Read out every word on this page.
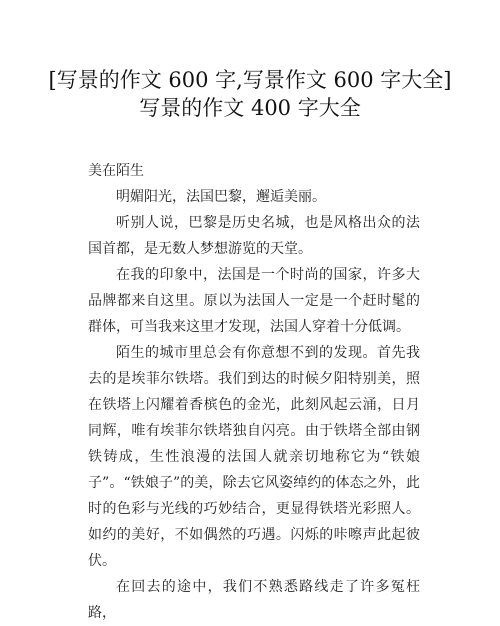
[写景的作文 600 字,写景作文 600 字大全]写景的作文 400 字大全

美在陌生

明媚阳光，法国巴黎，邂逅美丽。

听别人说，巴黎是历史名城，也是风格出众的法国首都，是无数人梦想游览的天堂。

在我的印象中，法国是一个时尚的国家，许多大品牌都来自这里。原以为法国人一定是一个赶时髦的群体，可当我来这里才发现，法国人穿着十分低调。

陌生的城市里总会有你意想不到的发现。首先我去的是埃菲尔铁塔。我们到达的时候夕阳特别美，照在铁塔上闪耀着香槟色的金光，此刻风起云涌，日月同辉，唯有埃菲尔铁塔独自闪亮。由于铁塔全部由钢铁铸成，生性浪漫的法国人就亲切地称它为“铁娘子”。“铁娘子”的美，除去它风姿绰约的体态之外，此时的色彩与光线的巧妙结合，更显得铁塔光彩照人。如约的美好，不如偶然的巧遇。闪烁的咔嚓声此起彼伏。

在回去的途中，我们不熟悉路线走了许多冤枉路，
